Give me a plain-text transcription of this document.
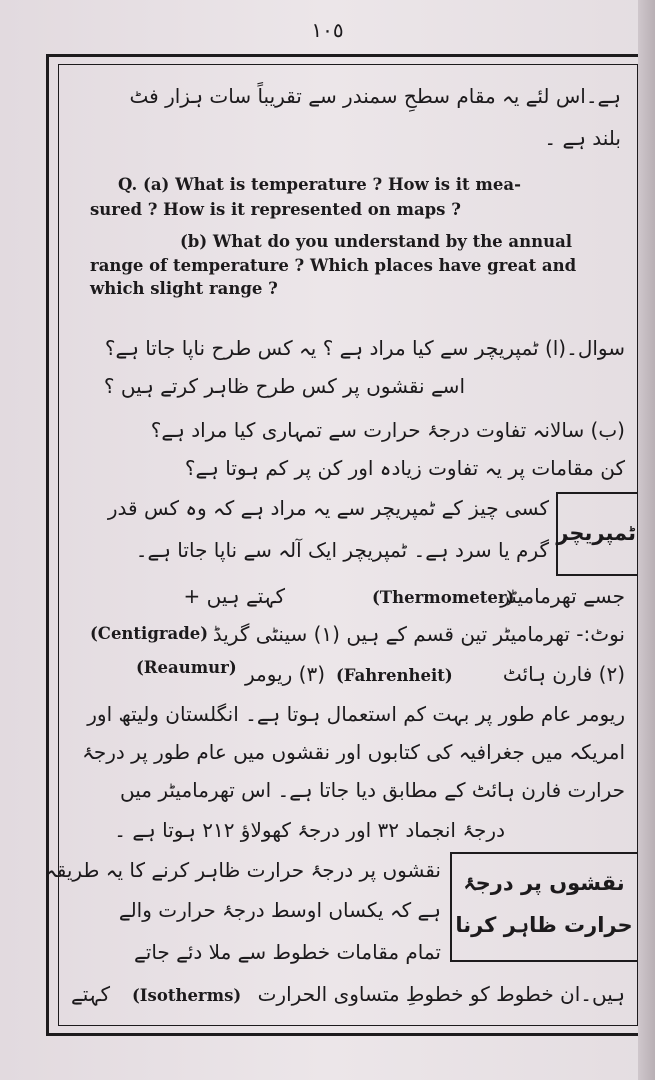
١٠٥
ہے۔اس لئے یہ مقام سطحِ سمندر سے تقریباً سات ہزار فٹ
بلند ہے ۔
Q. (a) What is temperature ? How is it mea-
sured ? How is it represented on maps ?
(b) What do you understand by the annual
range of temperature ? Which places have great and
which slight range ?
سوال۔(ا) ٹمپریچر سے کیا مراد ہے ؟ یہ کس طرح ناپا جاتا ہے؟
اسے نقشوں پر کس طرح ظاہر کرتے ہیں ؟
(ب) سالانہ تفاوت درجۂ حرارت سے تمہاری کیا مراد ہے؟
کن مقامات پر یہ تفاوت زیادہ اور کن پر کم ہوتا ہے؟
ٹمپریچر
کسی چیز کے ٹمپریچر سے یہ مراد ہے کہ وہ کس قدر
گرم یا سرد ہے۔ ٹمپریچر ایک آلہ سے ناپا جاتا ہے۔
جسے تھرمامیٹر
(Thermometer)
کہتے ہیں +
نوٹ:- تھرمامیٹر تین قسم کے ہیں (۱) سینٹی گریڈ
(Centigrade)
(۲) فارن ہائٹ
(Fahrenheit)
(۳) ریومر
(Reaumur)
ریومر عام طور پر بہت کم استعمال ہوتا ہے۔ انگلستان ولیتھ اور
امریکہ میں جغرافیہ کی کتابوں اور نقشوں میں عام طور پر درجۂ
حرارت فارن ہائٹ کے مطابق دیا جاتا ہے۔ اس تھرمامیٹر میں
درجۂ انجماد ۳۲ اور درجۂ کھولاؤ ۲۱۲ ہوتا ہے ۔
نقشوں پر درجۂ
حرارت ظاہر کرنا
نقشوں پر درجۂ حرارت ظاہر کرنے کا یہ طریقہ
ہے کہ یکساں اوسط درجۂ حرارت والے
تمام مقامات خطوط سے ملا دئے جاتے
ہیں۔ان خطوط کو خطوطِ متساوی الحرارت
(Isotherms)
کہتے
